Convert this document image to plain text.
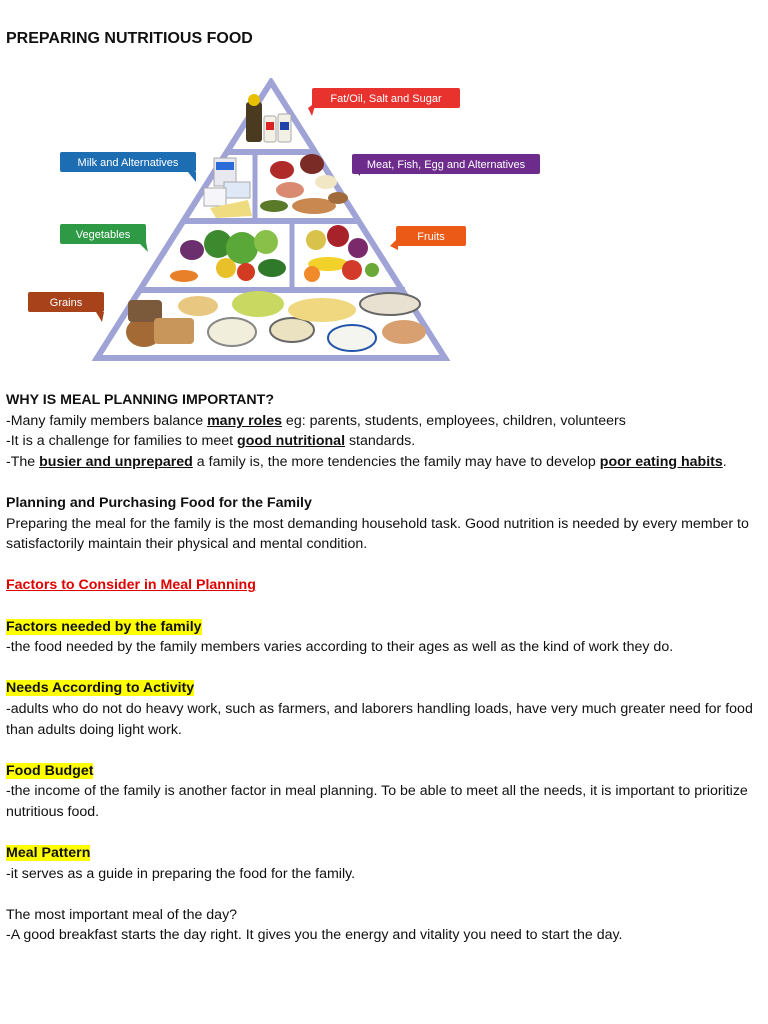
PREPARING NUTRITIOUS FOOD
Fat/Oil, Salt and Sugar
Milk and Alternatives	Meat, Fish, Egg and Alternatives
Vegetables	Fruits
Grains

WHY IS MEAL PLANNING IMPORTANT?

-Many family members balance many roles eg: parents, students, employees, children, volunteers

-It is a challenge for families to meet good nutritional standards.

-The busier and unprepared a family is, the more tendencies the family may have to develop poor eating habits.

Planning and Purchasing Food for the Family

Preparing the meal for the family is the most demanding household task. Good nutrition is needed by every member to satisfactorily maintain their physical and mental condition.

Factors to Consider in Meal Planning

Factors needed by the family

-the food needed by the family members varies according to their ages as well as the kind of work they do.

Needs According to Activity

-adults who do not do heavy work, such as farmers, and laborers handling loads, have very much greater need for food than adults doing light work.

Food Budget

-the income of the family is another factor in meal planning. To be able to meet all the needs, it is important to prioritize nutritious food.

Meal Pattern

-it serves as a guide in preparing the food for the family.

The most important meal of the day?

-A good breakfast starts the day right. It gives you the energy and vitality you need to start the day.
